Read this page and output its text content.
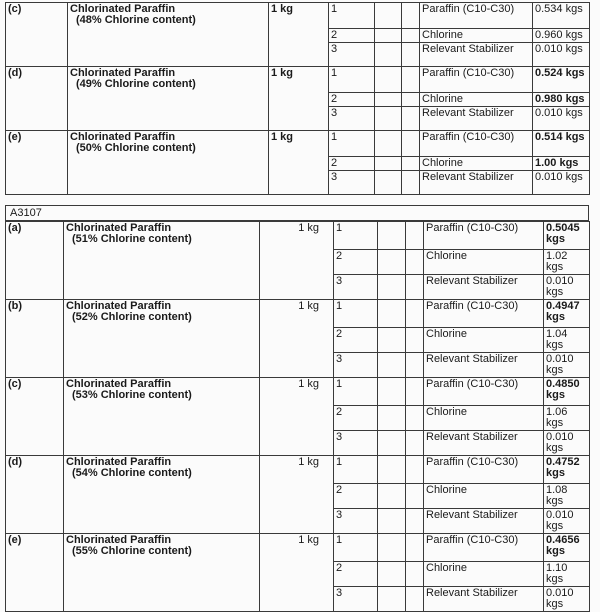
(c)	Chlorinated Paraffin
(48% Chlorine content)	1 kg	1			Paraffin (C10-C30)	0.534 kgs
			2			Chlorine	0.960 kgs
			3			Relevant Stabilizer	0.010 kgs
(d)	Chlorinated Paraffin
(49% Chlorine content)	1 kg	1			Paraffin (C10-C30)	0.524 kgs
			2			Chlorine	0.980 kgs
			3			Relevant Stabilizer	0.010 kgs
(e)	Chlorinated Paraffin
(50% Chlorine content)	1 kg	1			Paraffin (C10-C30)	0.514 kgs
			2			Chlorine	1.00 kgs
			3			Relevant Stabilizer	0.010 kgs
A3107
(a)	Chlorinated Paraffin
(51% Chlorine content)	1 kg	1			Paraffin (C10-C30)	0.5045 kgs
			2			Chlorine	1.02 kgs
			3			Relevant Stabilizer	0.010 kgs
(b)	Chlorinated Paraffin
(52% Chlorine content)	1 kg	1			Paraffin (C10-C30)	0.4947 kgs
			2			Chlorine	1.04 kgs
			3			Relevant Stabilizer	0.010 kgs
(c)	Chlorinated Paraffin
(53% Chlorine content)	1 kg	1			Paraffin (C10-C30)	0.4850 kgs
			2			Chlorine	1.06 kgs
			3			Relevant Stabilizer	0.010 kgs
(d)	Chlorinated Paraffin
(54% Chlorine content)	1 kg	1			Paraffin (C10-C30)	0.4752 kgs
			2			Chlorine	1.08 kgs
			3			Relevant Stabilizer	0.010 kgs
(e)	Chlorinated Paraffin
(55% Chlorine content)	1 kg	1			Paraffin (C10-C30)	0.4656 kgs
			2			Chlorine	1.10 kgs
			3			Relevant Stabilizer	0.010 kgs
